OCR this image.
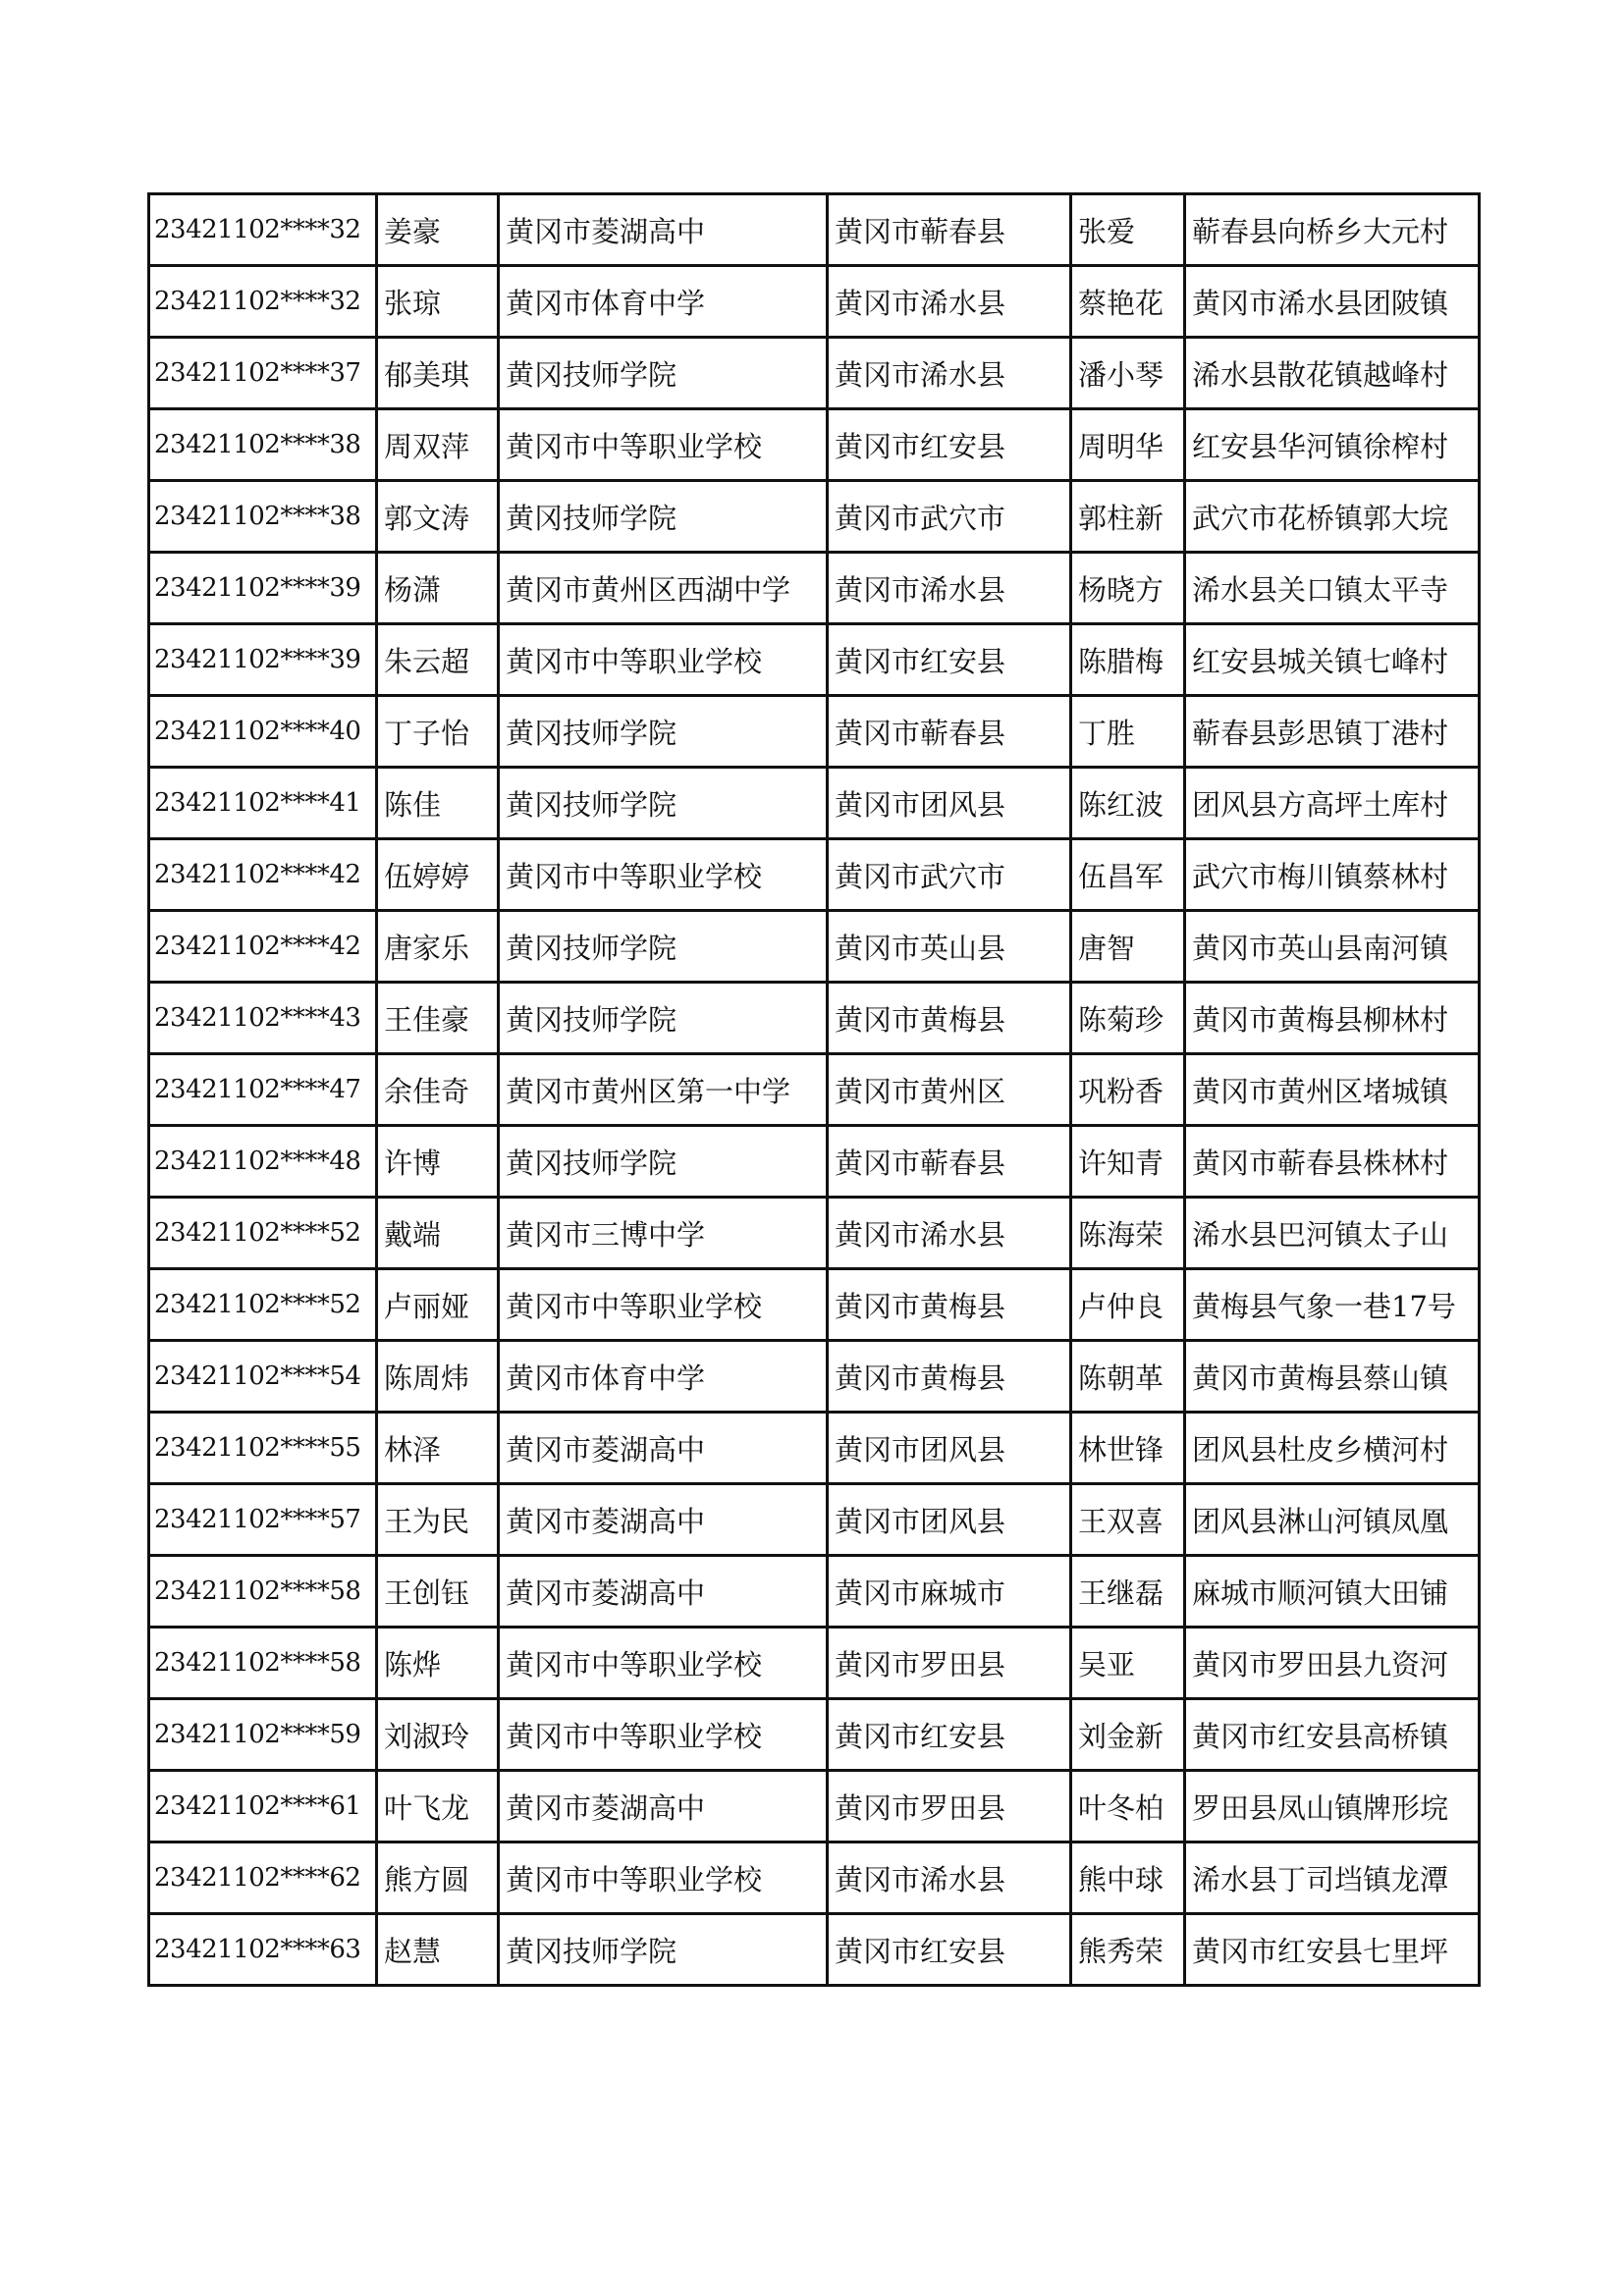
23421102****32	姜豪	黄冈市菱湖高中	黄冈市蕲春县	张爱	蕲春县向桥乡大元村
23421102****32	张琼	黄冈市体育中学	黄冈市浠水县	蔡艳花	黄冈市浠水县团陂镇
23421102****37	郁美琪	黄冈技师学院	黄冈市浠水县	潘小琴	浠水县散花镇越峰村
23421102****38	周双萍	黄冈市中等职业学校	黄冈市红安县	周明华	红安县华河镇徐榨村
23421102****38	郭文涛	黄冈技师学院	黄冈市武穴市	郭柱新	武穴市花桥镇郭大垸
23421102****39	杨潇	黄冈市黄州区西湖中学	黄冈市浠水县	杨晓方	浠水县关口镇太平寺
23421102****39	朱云超	黄冈市中等职业学校	黄冈市红安县	陈腊梅	红安县城关镇七峰村
23421102****40	丁子怡	黄冈技师学院	黄冈市蕲春县	丁胜	蕲春县彭思镇丁港村
23421102****41	陈佳	黄冈技师学院	黄冈市团风县	陈红波	团风县方高坪土库村
23421102****42	伍婷婷	黄冈市中等职业学校	黄冈市武穴市	伍昌军	武穴市梅川镇蔡林村
23421102****42	唐家乐	黄冈技师学院	黄冈市英山县	唐智	黄冈市英山县南河镇
23421102****43	王佳豪	黄冈技师学院	黄冈市黄梅县	陈菊珍	黄冈市黄梅县柳林村
23421102****47	余佳奇	黄冈市黄州区第一中学	黄冈市黄州区	巩粉香	黄冈市黄州区堵城镇
23421102****48	许博	黄冈技师学院	黄冈市蕲春县	许知青	黄冈市蕲春县株林村
23421102****52	戴端	黄冈市三博中学	黄冈市浠水县	陈海荣	浠水县巴河镇太子山
23421102****52	卢丽娅	黄冈市中等职业学校	黄冈市黄梅县	卢仲良	黄梅县气象一巷17号
23421102****54	陈周炜	黄冈市体育中学	黄冈市黄梅县	陈朝革	黄冈市黄梅县蔡山镇
23421102****55	林泽	黄冈市菱湖高中	黄冈市团风县	林世锋	团风县杜皮乡横河村
23421102****57	王为民	黄冈市菱湖高中	黄冈市团风县	王双喜	团风县淋山河镇凤凰
23421102****58	王创钰	黄冈市菱湖高中	黄冈市麻城市	王继磊	麻城市顺河镇大田铺
23421102****58	陈烨	黄冈市中等职业学校	黄冈市罗田县	吴亚	黄冈市罗田县九资河
23421102****59	刘淑玲	黄冈市中等职业学校	黄冈市红安县	刘金新	黄冈市红安县高桥镇
23421102****61	叶飞龙	黄冈市菱湖高中	黄冈市罗田县	叶冬柏	罗田县凤山镇牌形垸
23421102****62	熊方圆	黄冈市中等职业学校	黄冈市浠水县	熊中球	浠水县丁司垱镇龙潭
23421102****63	赵慧	黄冈技师学院	黄冈市红安县	熊秀荣	黄冈市红安县七里坪
